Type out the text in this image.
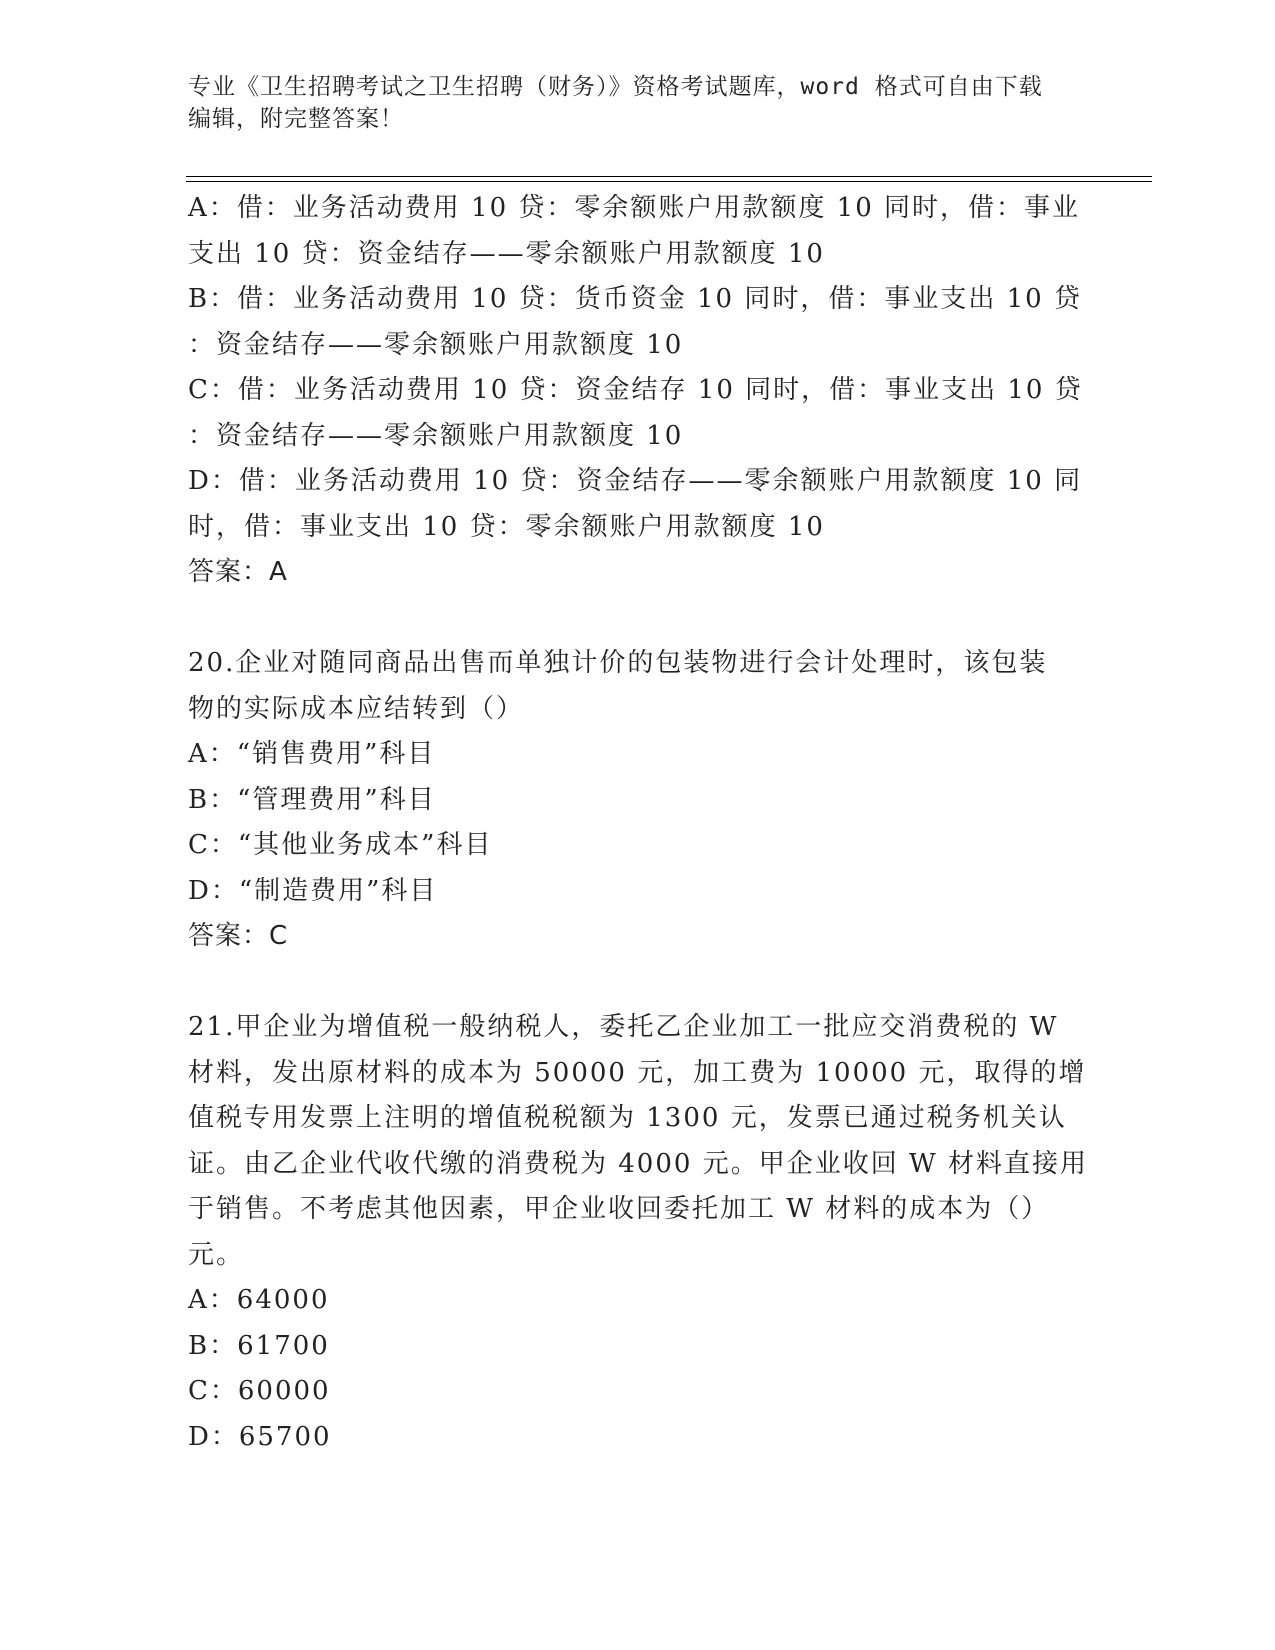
专业《卫生招聘考试之卫生招聘（财务）》资格考试题库，word 格式可自由下载
编辑，附完整答案！
A：借：业务活动费用 10 贷：零余额账户用款额度 10 同时，借：事业
支出 10 贷：资金结存——零余额账户用款额度 10
B：借：业务活动费用 10 贷：货币资金 10 同时，借：事业支出 10 贷
：资金结存——零余额账户用款额度 10
C：借：业务活动费用 10 贷：资金结存 10 同时，借：事业支出 10 贷
：资金结存——零余额账户用款额度 10
D：借：业务活动费用 10 贷：资金结存——零余额账户用款额度 10 同
时，借：事业支出 10 贷：零余额账户用款额度 10
答案：A
20.企业对随同商品出售而单独计价的包装物进行会计处理时，该包装
物的实际成本应结转到（）
A：“销售费用”科目
B：“管理费用”科目
C：“其他业务成本”科目
D：“制造费用”科目
答案：C
21.甲企业为增值税一般纳税人，委托乙企业加工一批应交消费税的 W
材料，发出原材料的成本为 50000 元，加工费为 10000 元，取得的增
值税专用发票上注明的增值税税额为 1300 元，发票已通过税务机关认
证。由乙企业代收代缴的消费税为 4000 元。甲企业收回 W 材料直接用
于销售。不考虑其他因素，甲企业收回委托加工 W 材料的成本为（）
元。
A：64000
B：61700
C：60000
D：65700
